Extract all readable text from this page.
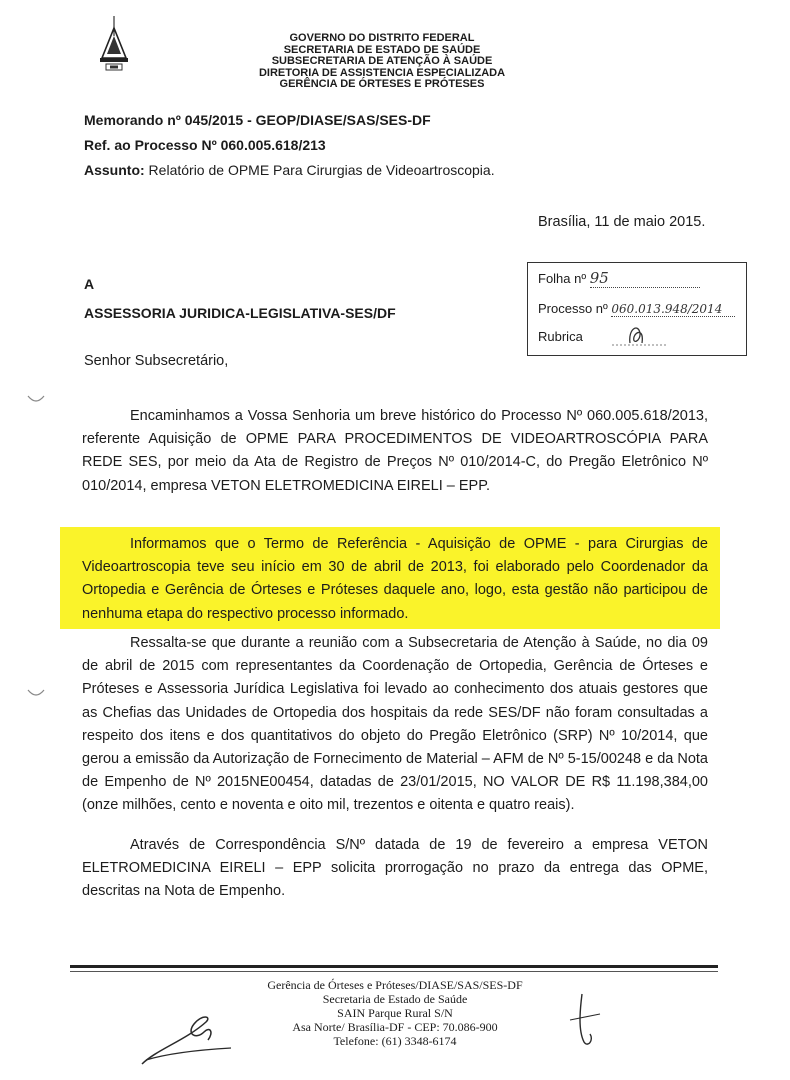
GOVERNO DO DISTRITO FEDERAL
SECRETARIA DE ESTADO DE SAÚDE
SUBSECRETARIA DE ATENÇÃO À SAÚDE
DIRETORIA DE ASSISTENCIA ESPECIALIZADA
GERÊNCIA DE ÓRTESES E PRÓTESES
Memorando nº 045/2015 - GEOP/DIASE/SAS/SES-DF
Ref. ao Processo Nº 060.005.618/213
Assunto: Relatório de OPME Para Cirurgias de Videoartroscopia.
Brasília, 11 de maio 2015.
Folha nº 95
Processo nº 060.013.948/2014
Rubrica
A
ASSESSORIA JURIDICA-LEGISLATIVA-SES/DF
Senhor Subsecretário,
Encaminhamos a Vossa Senhoria um breve histórico do Processo Nº 060.005.618/2013, referente Aquisição de OPME PARA PROCEDIMENTOS DE VIDEOARTROSCÓPIA PARA REDE SES, por meio da Ata de Registro de Preços Nº 010/2014-C, do Pregão Eletrônico Nº 010/2014, empresa VETON ELETROMEDICINA EIRELI – EPP.
Informamos que o Termo de Referência - Aquisição de OPME - para Cirurgias de Videoartroscopia teve seu início em 30 de abril de 2013, foi elaborado pelo Coordenador da Ortopedia e Gerência de Órteses e Próteses daquele ano, logo, esta gestão não participou de nenhuma etapa do respectivo processo informado.
Ressalta-se que durante a reunião com a Subsecretaria de Atenção à Saúde, no dia 09 de abril de 2015 com representantes da Coordenação de Ortopedia, Gerência de Órteses e Próteses e Assessoria Jurídica Legislativa foi levado ao conhecimento dos atuais gestores que as Chefias das Unidades de Ortopedia dos hospitais da rede SES/DF não foram consultadas a respeito dos itens e dos quantitativos do objeto do Pregão Eletrônico (SRP) Nº 10/2014, que gerou a emissão da Autorização de Fornecimento de Material – AFM de Nº 5-15/00248 e da Nota de Empenho de Nº 2015NE00454, datadas de 23/01/2015, NO VALOR DE R$ 11.198,384,00 (onze milhões, cento e noventa e oito mil, trezentos e oitenta e quatro reais).
Através de Correspondência S/Nº datada de 19 de fevereiro a empresa VETON ELETROMEDICINA EIRELI – EPP solicita prorrogação no prazo da entrega das OPME, descritas na Nota de Empenho.
Gerência de Órteses e Próteses/DIASE/SAS/SES-DF
Secretaria de Estado de Saúde
SAIN Parque Rural S/N
Asa Norte/ Brasília-DF - CEP: 70.086-900
Telefone: (61) 3348-6174
